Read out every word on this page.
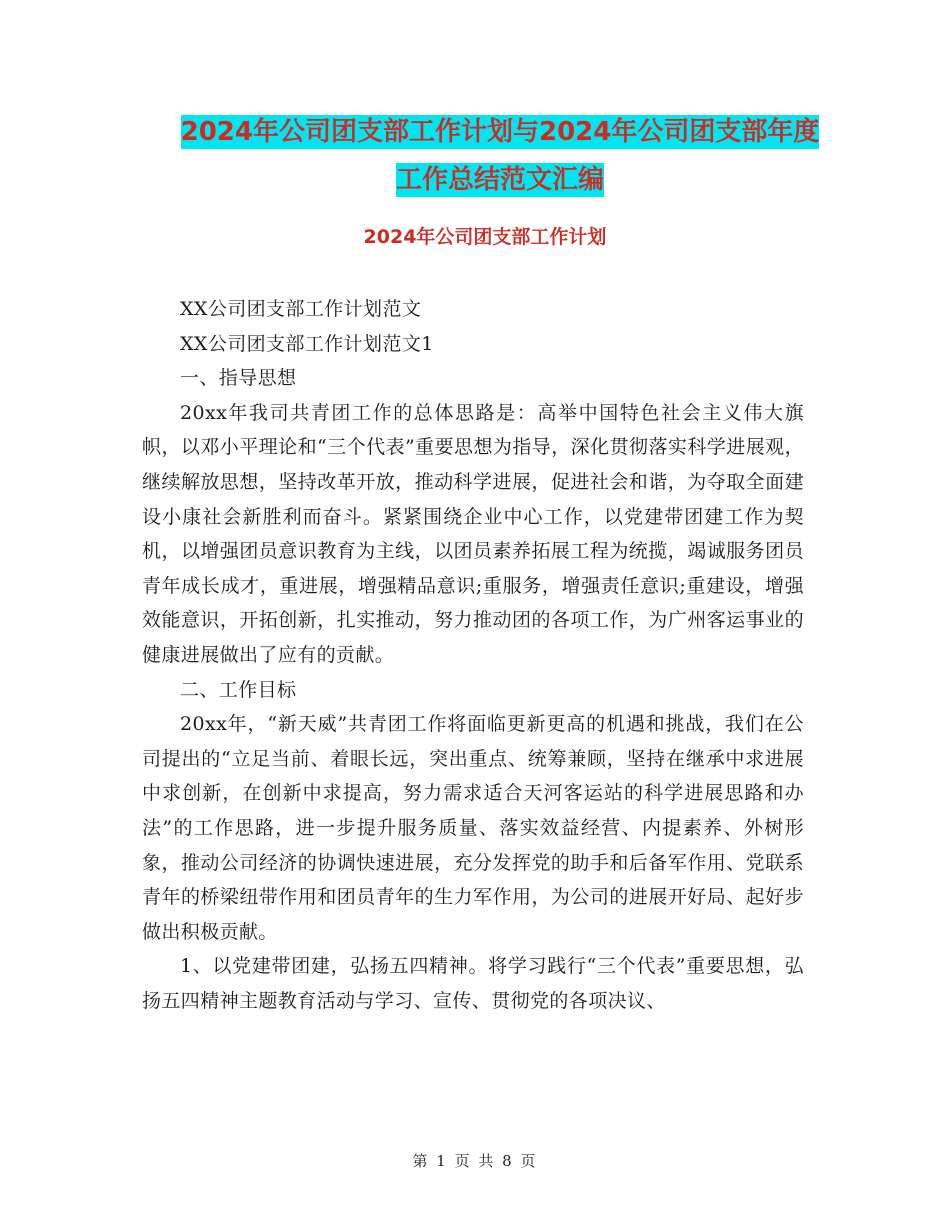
2024年公司团支部工作计划与2024年公司团支部年度
工作总结范文汇编
2024年公司团支部工作计划

XX公司团支部工作计划范文

XX公司团支部工作计划范文1

一、指导思想

20xx年我司共青团工作的总体思路是：高举中国特色社会主义伟大旗帜，以邓小平理论和“三个代表”重要思想为指导，深化贯彻落实科学进展观，继续解放思想，坚持改革开放，推动科学进展，促进社会和谐，为夺取全面建设小康社会新胜利而奋斗。紧紧围绕企业中心工作，以党建带团建工作为契机，以增强团员意识教育为主线，以团员素养拓展工程为统揽，竭诚服务团员青年成长成才，重进展，增强精品意识;重服务，增强责任意识;重建设，增强效能意识，开拓创新，扎实推动，努力推动团的各项工作，为广州客运事业的健康进展做出了应有的贡献。

二、工作目标

20xx年，“新天威”共青团工作将面临更新更高的机遇和挑战，我们在公司提出的“立足当前、着眼长远，突出重点、统筹兼顾，坚持在继承中求进展中求创新，在创新中求提高，努力需求适合天河客运站的科学进展思路和办法”的工作思路，进一步提升服务质量、落实效益经营、内提素养、外树形象，推动公司经济的协调快速进展，充分发挥党的助手和后备军作用、党联系青年的桥梁纽带作用和团员青年的生力军作用，为公司的进展开好局、起好步做出积极贡献。

1、以党建带团建，弘扬五四精神。将学习践行“三个代表”重要思想，弘扬五四精神主题教育活动与学习、宣传、贯彻党的各项决议、

第 1 页 共 8 页
